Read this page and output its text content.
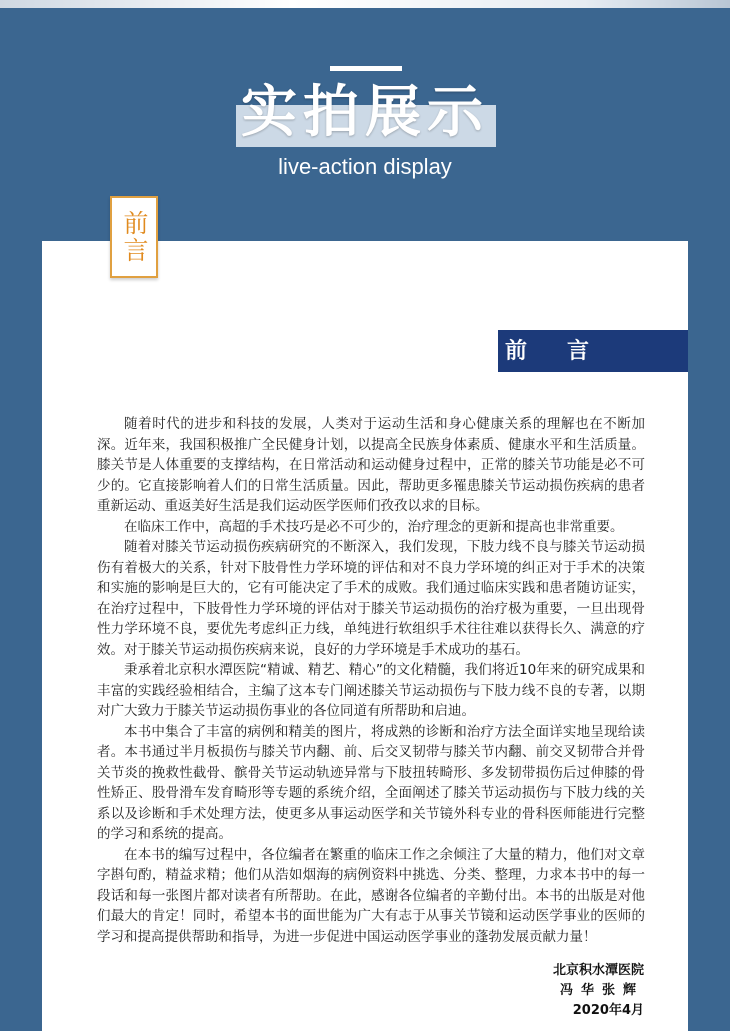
实拍展示
live-action display
前言
前言

随着时代的进步和科技的发展，人类对于运动生活和身心健康关系的理解也在不断加深。近年来，我国积极推广全民健身计划，以提高全民族身体素质、健康水平和生活质量。膝关节是人体重要的支撑结构，在日常活动和运动健身过程中，正常的膝关节功能是必不可少的。它直接影响着人们的日常生活质量。因此，帮助更多罹患膝关节运动损伤疾病的患者重新运动、重返美好生活是我们运动医学医师们孜孜以求的目标。

在临床工作中，高超的手术技巧是必不可少的，治疗理念的更新和提高也非常重要。

随着对膝关节运动损伤疾病研究的不断深入，我们发现，下肢力线不良与膝关节运动损伤有着极大的关系，针对下肢骨性力学环境的评估和对不良力学环境的纠正对于手术的决策和实施的影响是巨大的，它有可能决定了手术的成败。我们通过临床实践和患者随访证实，在治疗过程中，下肢骨性力学环境的评估对于膝关节运动损伤的治疗极为重要，一旦出现骨性力学环境不良，要优先考虑纠正力线，单纯进行软组织手术往往难以获得长久、满意的疗效。对于膝关节运动损伤疾病来说，良好的力学环境是手术成功的基石。

秉承着北京积水潭医院“精诚、精艺、精心”的文化精髓，我们将近10年来的研究成果和丰富的实践经验相结合，主编了这本专门阐述膝关节运动损伤与下肢力线不良的专著，以期对广大致力于膝关节运动损伤事业的各位同道有所帮助和启迪。

本书中集合了丰富的病例和精美的图片，将成熟的诊断和治疗方法全面详实地呈现给读者。本书通过半月板损伤与膝关节内翻、前、后交叉韧带与膝关节内翻、前交叉韧带合并骨关节炎的挽救性截骨、髌骨关节运动轨迹异常与下肢扭转畸形、多发韧带损伤后过伸膝的骨性矫正、股骨滑车发育畸形等专题的系统介绍，全面阐述了膝关节运动损伤与下肢力线的关系以及诊断和手术处理方法，使更多从事运动医学和关节镜外科专业的骨科医师能进行完整的学习和系统的提高。

在本书的编写过程中，各位编者在繁重的临床工作之余倾注了大量的精力，他们对文章字斟句酌，精益求精；他们从浩如烟海的病例资料中挑选、分类、整理，力求本书中的每一段话和每一张图片都对读者有所帮助。在此，感谢各位编者的辛勤付出。本书的出版是对他们最大的肯定！同时，希望本书的面世能为广大有志于从事关节镜和运动医学事业的医师的学习和提高提供帮助和指导，为进一步促进中国运动医学事业的蓬勃发展贡献力量！

北京积水潭医院
冯华张辉
2020年4月
